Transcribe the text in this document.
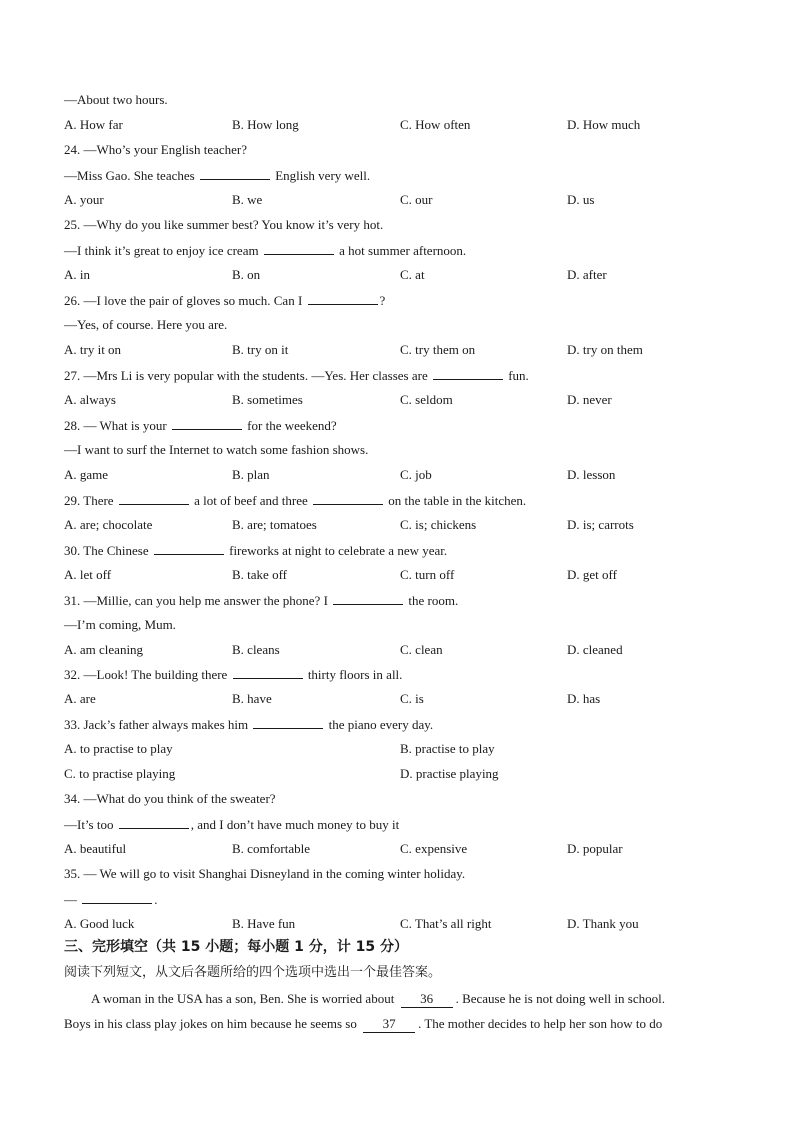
—About two hours.
A. How far	B. How long	C. How often	D. How much
24. —Who’s your English teacher?
—Miss Gao. She teaches	English very well.
A. your	B. we	C. our	D. us
25. —Why do you like summer best? You know it’s very hot.
—I think it’s great to enjoy ice cream	a hot summer afternoon.
A. in	B. on	C. at	D. after
26. —I love the pair of gloves so much. Can I	?
—Yes, of course. Here you are.
A. try it on	B. try on it	C. try them on	D. try on them
27. —Mrs Li is very popular with the students. —Yes. Her classes are	fun.
A. always	B. sometimes	C. seldom	D. never
28. — What is your	for the weekend?
—I want to surf the Internet to watch some fashion shows.
A. game	B. plan	C. job	D. lesson
29. There	a lot of beef and three	on the table in the kitchen.
A. are; chocolate	B. are; tomatoes	C. is; chickens	D. is; carrots
30. The Chinese	fireworks at night to celebrate a new year.
A. let off	B. take off	C. turn off	D. get off
31. —Millie, can you help me answer the phone? I	the room.
—I’m coming, Mum.
A. am cleaning	B. cleans	C. clean	D. cleaned
32. —Look! The building there	thirty floors in all.
A. are	B. have	C. is	D. has
33. Jack’s father always makes him	the piano every day.
A. to practise to play	B. practise to play
C. to practise playing	D. practise playing
34. —What do you think of the sweater?
—It’s too	, and I don’t have much money to buy it
A. beautiful	B. comfortable	C. expensive	D. popular
35. — We will go to visit Shanghai Disneyland in the coming winter holiday.
—	.
A. Good luck	B. Have fun	C. That’s all right	D. Thank you
三、完形填空（共 15 小题；每小题 1 分，计 15 分）
阅读下列短文，从文后各题所给的四个选项中选出一个最佳答案。
A woman in the USA has a son, Ben. She is worried about 36 . Because he is not doing well in school.
Boys in his class play jokes on him because he seems so 37 . The mother decides to help her son how to do
